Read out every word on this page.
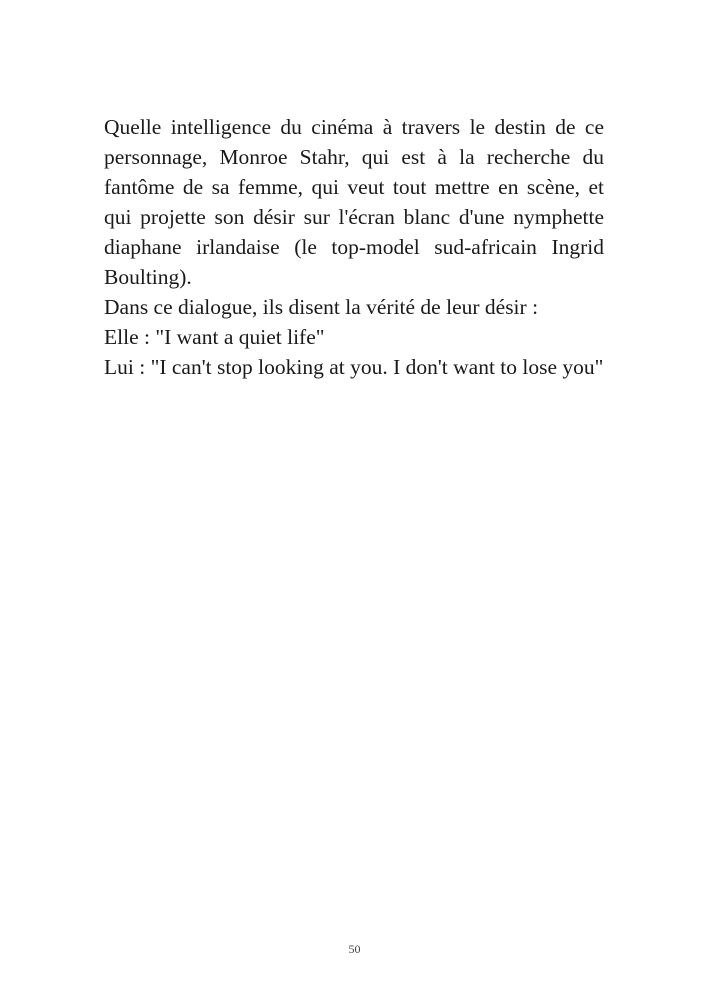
Quelle intelligence du cinéma à travers le destin de ce personnage, Monroe Stahr, qui est à la recherche du fantôme de sa femme, qui veut tout mettre en scène, et qui projette son désir sur l'écran blanc d'une nymphette diaphane irlandaise (le top-model sud-africain Ingrid Boulting).

Dans ce dialogue, ils disent la vérité de leur désir :

Elle : "I want a quiet life"

Lui : "I can't stop looking at you. I don't want to lose you"

50
